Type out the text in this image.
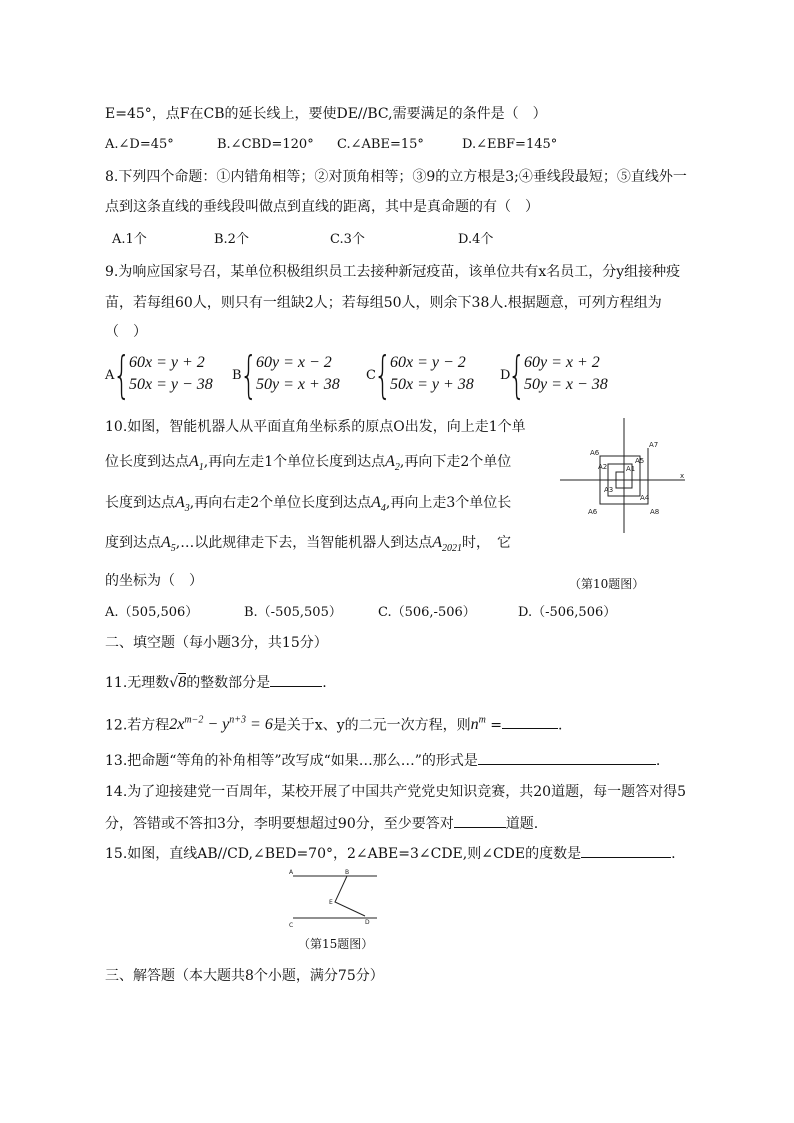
E=45°，点F在CB的延长线上，要使DE//BC,需要满足的条件是（　）
A.∠D=45°	B.∠CBD=120° C.∠ABE=15°	D.∠EBF=145°
8.下列四个命题：①内错角相等；②对顶角相等；③9的立方根是3;④垂线段最短；⑤直线外一
点到这条直线的垂线段叫做点到直线的距离，其中是真命题的有（　）
A.1个	B.2个	C.3个	D.4个
9.为响应国家号召，某单位积极组织员工去接种新冠疫苗，该单位共有x名员工，分y组接种疫
苗，若每组60人，则只有一组缺2人；若每组50人，则余下38人.根据题意，可列方程组为
（　）
A
{
60x = y + 2
50x = y − 38
B
{
60y = x − 2
50y = x + 38
C
{
60x = y − 2
50x = y + 38
D
{
60y = x + 2
50y = x − 38
10.如图，智能机器人从平面直角坐标系的原点O出发，向上走1个单
位长度到达点$A_1$,再向左走1个单位长度到达点$A_2$,再向下走2个单位
长度到达点$A_3$,再向右走2个单位长度到达点$A_4$,再向上走3个单位长
度到达点$A_5,\dots$以此规律走下去，当智能机器人到达点$A_{2021}$时，　它
的坐标为（　）
x
A7
A6
A2
A5
A1
A3
A4
A6	A8
（第10题图）
A.（505,506）	B.（-505,505）	C.（506,-506）	D.（-506,506）
二、填空题（每小题3分，共15分）
11.无理数√8的整数部分是	.
12.若方程$2x^{m-2} - y^{n+3} = 6$是关于x、y的二元一次方程，则$n^m$ =	.
13.把命题“等角的补角相等”改写成“如果…那么…”的形式是	.
14.为了迎接建党一百周年，某校开展了中国共产党党史知识竞赛，共20道题，每一题答对得5
分，答错或不答扣3分，李明要想超过90分，至少要答对	道题.
15.如图，直线AB//CD,∠BED=70°，2∠ABE=3∠CDE,则∠CDE的度数是	.
A	B
E
C	D
（第15题图）
三、解答题（本大题共8个小题，满分75分）
